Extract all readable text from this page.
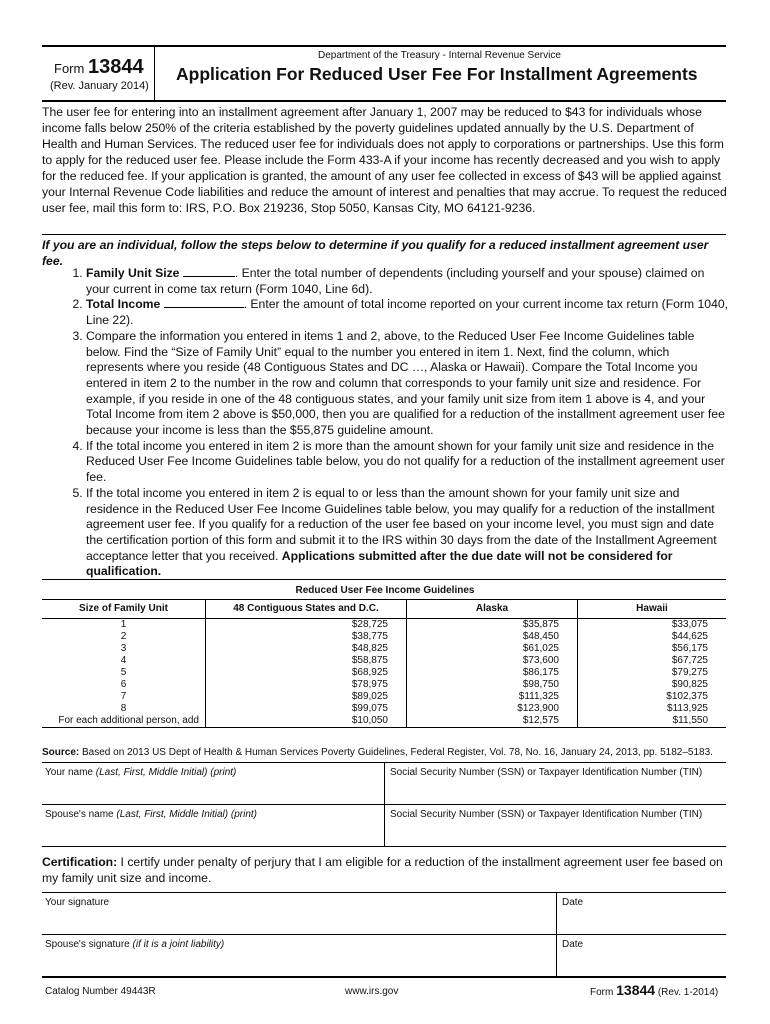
Form 13844
(Rev. January 2014)
Department of the Treasury - Internal Revenue Service
Application For Reduced User Fee For Installment Agreements
The user fee for entering into an installment agreement after January 1, 2007 may be reduced to $43 for individuals whose income falls below 250% of the criteria established by the poverty guidelines updated annually by the U.S. Department of Health and Human Services. The reduced user fee for individuals does not apply to corporations or partnerships. Use this form to apply for the reduced user fee. Please include the Form 433-A if your income has recently decreased and you wish to apply for the reduced fee. If your application is granted, the amount of any user fee collected in excess of $43 will be applied against your Internal Revenue Code liabilities and reduce the amount of interest and penalties that may accrue. To request the reduced user fee, mail this form to: IRS, P.O. Box 219236, Stop 5050, Kansas City, MO 64121-9236.
If you are an individual, follow the steps below to determine if you qualify for a reduced installment agreement user fee.
1. Family Unit Size	. Enter the total number of dependents (including yourself and your spouse) claimed on your current in come tax return (Form 1040, Line 6d).
2. Total Income	. Enter the amount of total income reported on your current income tax return (Form 1040, Line 22).
3. Compare the information you entered in items 1 and 2, above, to the Reduced User Fee Income Guidelines table below. Find the “Size of Family Unit” equal to the number you entered in item 1. Next, find the column, which represents where you reside (48 Contiguous States and DC …, Alaska or Hawaii). Compare the Total Income you entered in item 2 to the number in the row and column that corresponds to your family unit size and residence. For example, if you reside in one of the 48 contiguous states, and your family unit size from item 1 above is 4, and your Total Income from item 2 above is $50,000, then you are qualified for a reduction of the installment agreement user fee because your income is less than the $55,875 guideline amount.
4. If the total income you entered in item 2 is more than the amount shown for your family unit size and residence in the Reduced User Fee Income Guidelines table below, you do not qualify for a reduction of the installment agreement user fee.
5. If the total income you entered in item 2 is equal to or less than the amount shown for your family unit size and residence in the Reduced User Fee Income Guidelines table below, you may qualify for a reduction of the installment agreement user fee. If you qualify for a reduction of the user fee based on your income level, you must sign and date the certification portion of this form and submit it to the IRS within 30 days from the date of the Installment Agreement acceptance letter that you received. Applications submitted after the due date will not be considered for qualification.
Reduced User Fee Income Guidelines
Size of Family Unit	48 Contiguous States and D.C.	Alaska	Hawaii
1	$28,725	$35,875	$33,075
2	$38,775	$48,450	$44,625
3	$48,825	$61,025	$56,175
4	$58,875	$73,600	$67,725
5	$68,925	$86,175	$79,275
6	$78,975	$98,750	$90,825
7	$89,025	$111,325	$102,375
8	$99,075	$123,900	$113,925
For each additional person, add	$10,050	$12,575	$11,550
Source: Based on 2013 US Dept of Health & Human Services Poverty Guidelines, Federal Register, Vol. 78, No. 16, January 24, 2013, pp. 5182–5183.
Your name (Last, First, Middle Initial) (print)	Social Security Number (SSN) or Taxpayer Identification Number (TIN)
Spouse's name (Last, First, Middle Initial) (print)	Social Security Number (SSN) or Taxpayer Identification Number (TIN)
Certification: I certify under penalty of perjury that I am eligible for a reduction of the installment agreement user fee based on my family unit size and income.
Your signature	Date
Spouse's signature (if it is a joint liability)	Date
Catalog Number 49443R	www.irs.gov	Form 13844 (Rev. 1-2014)
